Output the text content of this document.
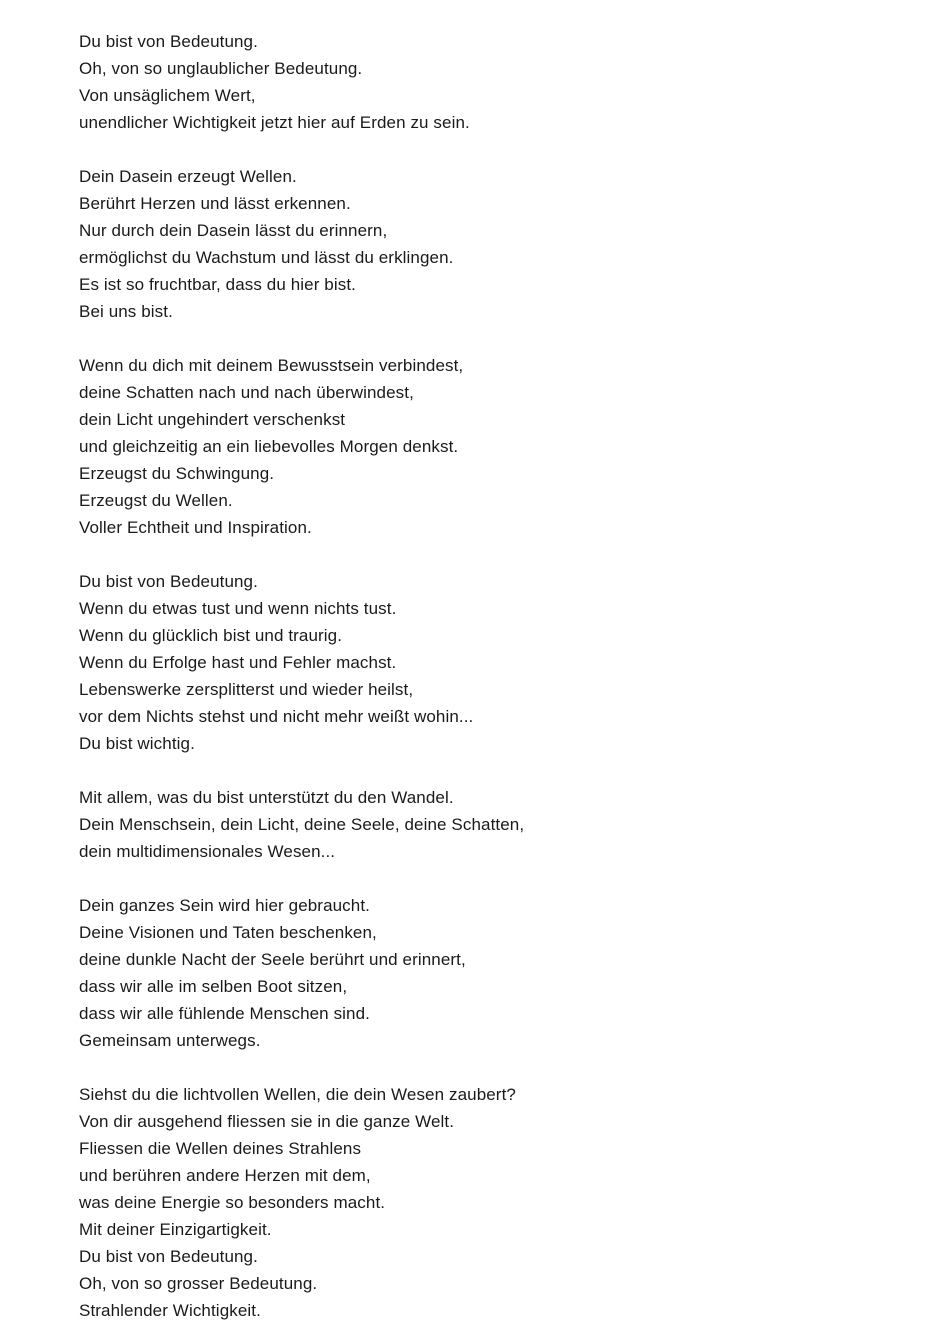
Du bist von Bedeutung.
Oh, von so unglaublicher Bedeutung.
Von unsäglichem Wert,
unendlicher Wichtigkeit jetzt hier auf Erden zu sein.
Dein Dasein erzeugt Wellen.
Berührt Herzen und lässt erkennen.
Nur durch dein Dasein lässt du erinnern,
ermöglichst du Wachstum und lässt du erklingen.
Es ist so fruchtbar, dass du hier bist.
Bei uns bist.
Wenn du dich mit deinem Bewusstsein verbindest,
deine Schatten nach und nach überwindest,
dein Licht ungehindert verschenkst
und gleichzeitig an ein liebevolles Morgen denkst.
Erzeugst du Schwingung.
Erzeugst du Wellen.
Voller Echtheit und Inspiration.
Du bist von Bedeutung.
Wenn du etwas tust und wenn nichts tust.
Wenn du glücklich bist und traurig.
Wenn du Erfolge hast und Fehler machst.
Lebenswerke zersplitterst und wieder heilst,
vor dem Nichts stehst und nicht mehr weißt wohin...
Du bist wichtig.
Mit allem, was du bist unterstützt du den Wandel.
Dein Menschsein, dein Licht, deine Seele, deine Schatten,
dein multidimensionales Wesen...
Dein ganzes Sein wird hier gebraucht.
Deine Visionen und Taten beschenken,
deine dunkle Nacht der Seele berührt und erinnert,
dass wir alle im selben Boot sitzen,
dass wir alle fühlende Menschen sind.
Gemeinsam unterwegs.
Siehst du die lichtvollen Wellen, die dein Wesen zaubert?
Von dir ausgehend fliessen sie in die ganze Welt.
Fliessen die Wellen deines Strahlens
und berühren andere Herzen mit dem,
was deine Energie so besonders macht.
Mit deiner Einzigartigkeit.
Du bist von Bedeutung.
Oh, von so grosser Bedeutung.
Strahlender Wichtigkeit.
